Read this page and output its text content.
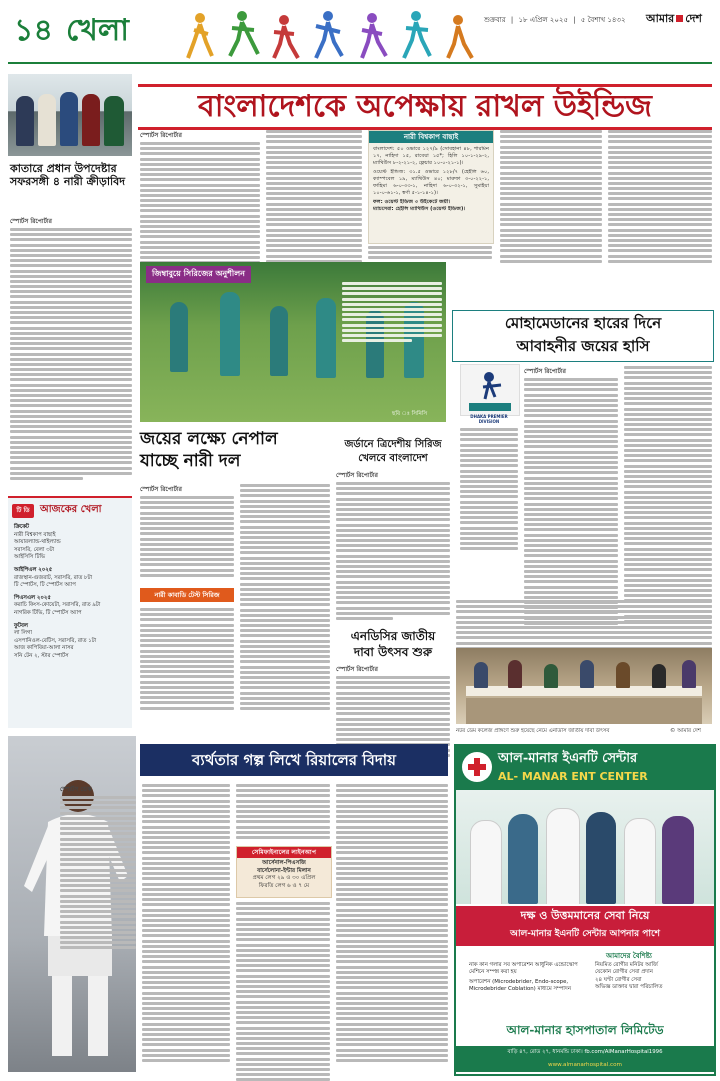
১৪ খেলা	শুক্রবার | ১৮ এপ্রিল ২০২৫ | ৫ বৈশাখ ১৪৩২ আমার দেশ
বাংলাদেশকে অপেক্ষায় রাখল উইন্ডিজ
কাতারে প্রধান উপদেষ্টার সফরসঙ্গী ৪ নারী ক্রীড়াবিদ
স্পোর্টস রিপোর্টার
স্পোর্টস রিপোর্টার	নারী বিশ্বকাপ বাছাই
বাংলাদেশ: ৫০ ওভারে ১২৭/৯ (সোবহানা ৪৮, শারমিন ১৭, নাহিদা ১৫, রাবেয়া ১৫*; হিলি ১০-১-২৯-২, ম্যাথিউস ৮-২-২১-২, ফ্লেচার ১০-০-২১-১)।
ওয়েস্ট ইন্ডিজ: ৩১.৫ ওভারে ১২৮/৭ (হেইলি ৬০, ক্যাম্পবেল ১৯, ম্যাথিউস ৪০; মারুফা ৩-০-২২-১, ফাহিমা ৬-০-৩৩-১, নাহিদা ৬-০-৩২-১, সুমাইয়া ১০-০-৬১-১, স্বর্ণা ৫-১-১৪-১)।
ফল: ওয়েস্ট ইন্ডিজ ৩ উইকেটে জয়ী।
ম্যাচসেরা: হেইলি ম্যাথিউস (ওয়েস্ট ইন্ডিজ)।
জিম্বাবুয়ে সিরিজের অনুশীলন
ছবি ঃ সিনিসি
মোহামেডানের হারের দিনে
আবাহনীর জয়ের হাসি
DHAKA PREMIER DIVISION
স্পোর্টস রিপোর্টার
টি ডি	আজকের খেলা
ক্রিকেট
নারী বিশ্বকাপ বাছাই
আয়ারল্যান্ড-থাইল্যান্ড
সরাসরি, বেলা ৩টা
আইসিসি টিভি
আইপিএল ২০২৫
রাজস্থান-গুজরাট, সরাসরি, রাত ৮টা
টি স্পোর্টস, টি স্পোর্টস অ্যাপ
পিএসএল ২০২৫
করাচি কিংস-কোয়েটা, সরাসরি, রাত ৯টা
নাগরিক টিভি, টি স্পোর্টস অ্যাপ
ফুটবল
লা লিগা
এসপানিওল-বেটিস, সরাসরি, রাত ১টা
আজ কাপিবিয়া-আলা নাসর
সনি টেন ২, স্টার স্পোর্টস
জয়ের লক্ষ্যে নেপাল
যাচ্ছে নারী দল
স্পোর্টস রিপোর্টার
নারী কাবাডি টেস্ট সিরিজ
জর্ডানে ত্রিদেশীয় সিরিজ
খেলবে বাংলাদেশ
স্পোর্টস রিপোর্টার
এনডিসির জাতীয়
দাবা উৎসব শুরু
স্পোর্টস রিপোর্টার
নটর ডেম কলেজ প্রাঙ্গণে শুরু হয়েছে নেমে এনডিসি জাতীয় দাবা উৎসব	© আমার দেশ
ব্যর্থতার গল্প লিখে রিয়ালের বিদায়
স্পোর্টস ডেস্ক
সেমিফাইনালের লাইনআপ
আর্সেনাল-পিএসজি
বার্সেলোনা-ইন্টার মিলান
প্রথম লেগ ২৯ ও ৩০ এপ্রিল
ফিরতি লেগ ৬ ও ৭ মে
আল-মানার ইএনটি সেন্টার
AL- MANAR ENT CENTER
দক্ষ ও উত্তমমানের সেবা নিয়ে
আল-মানার ইএনটি সেন্টার আপনার পাশে
আমাদের বৈশিষ্ট্য
নাক কান গলার সব অপারেশন আধুনিক এন্ডোস্কোপ মেশিনে সম্পন্ন করা হয়
অপারেশন (Microdebrider, Endo-scope, Microdebrider Coblation) মাধ্যমে সম্পাদন
নিয়মিত রোগীর মনিটর আর্জি
যেকোন রোগীর সেবা প্রদান
২৪ ঘণ্টা রোগীর সেবা
অভিজ্ঞ ডাক্তার দ্বারা পরিচালিত
আল-মানার হাসপাতাল লিমিটেড
বাড়ি ৪৭, রোড ২৭, ধানমন্ডি ঢাকা। fb.com/AlManarHospital1996
www.almanarhospital.com
